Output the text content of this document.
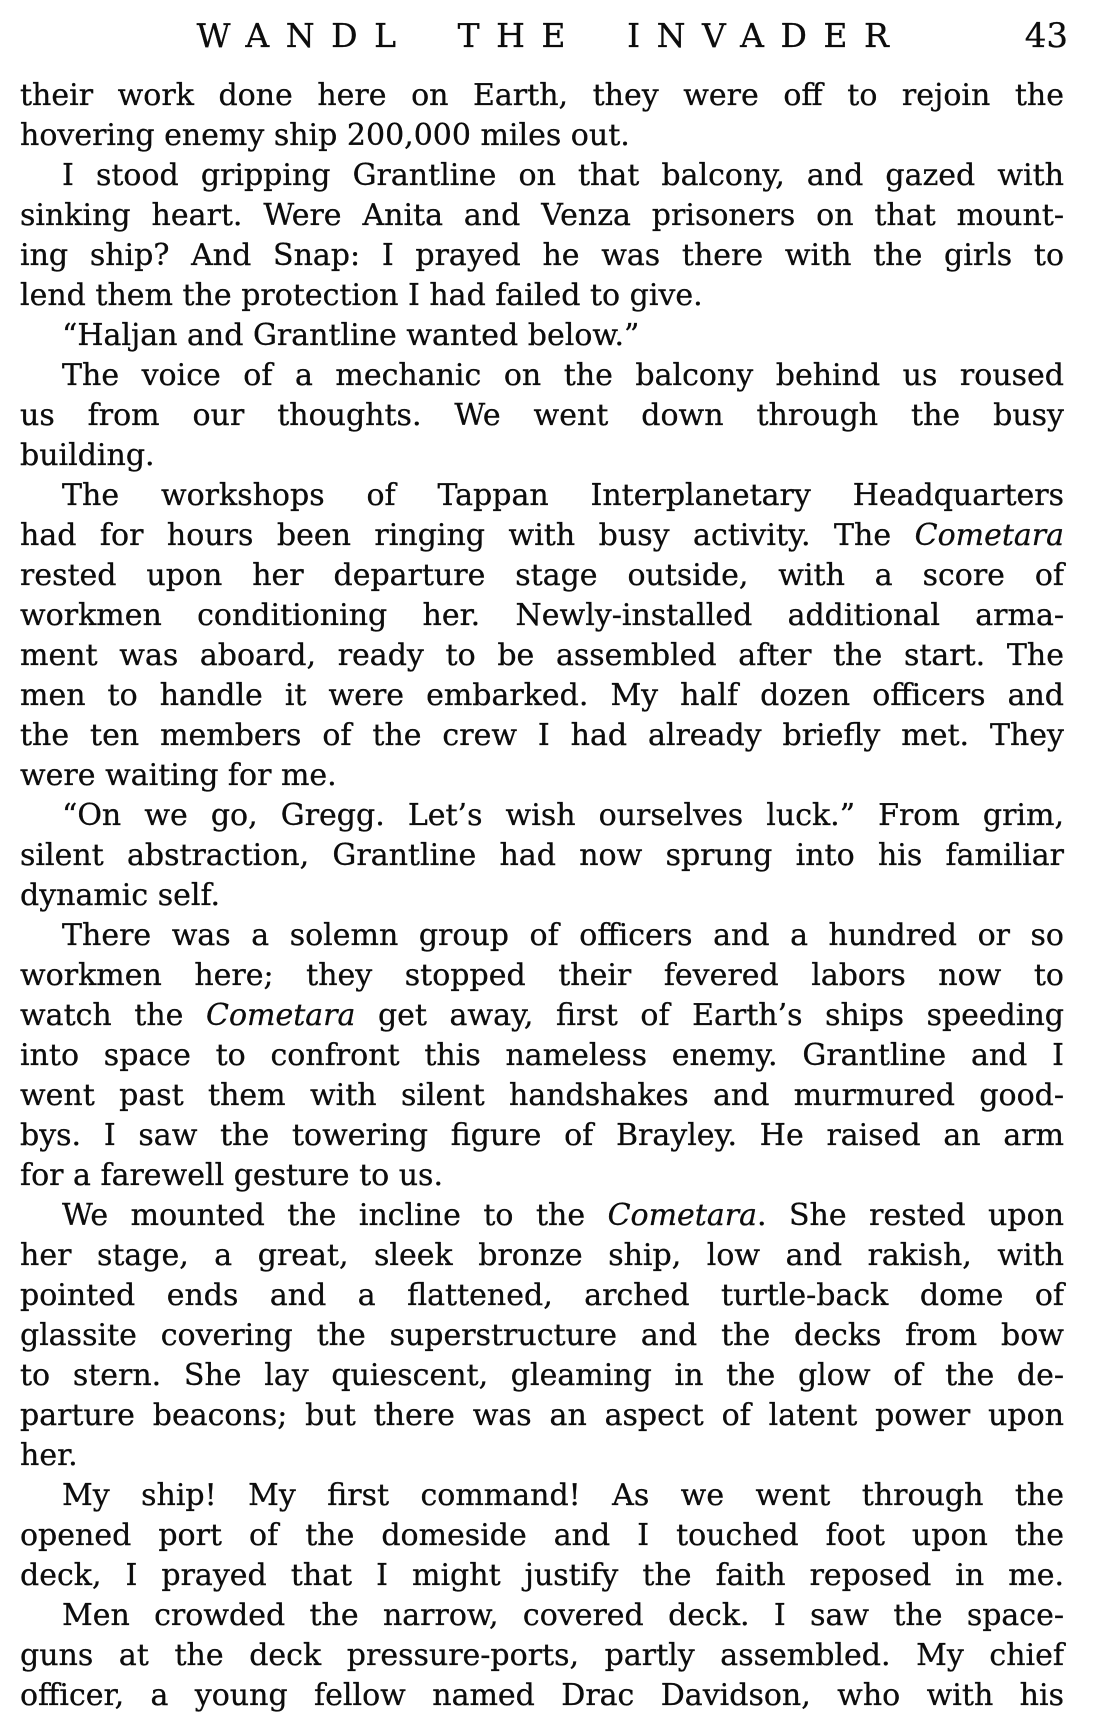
WANDL THE INVADER	43
their work done here on Earth, they were off to rejoin the
hovering enemy ship 200,000 miles out.
I stood gripping Grantline on that balcony, and gazed with
sinking heart. Were Anita and Venza prisoners on that mount-
ing ship? And Snap: I prayed he was there with the girls to
lend them the protection I had failed to give.
“Haljan and Grantline wanted below.”
The voice of a mechanic on the balcony behind us roused
us from our thoughts. We went down through the busy
building.
The workshops of Tappan Interplanetary Headquarters
had for hours been ringing with busy activity. The Cometara
rested upon her departure stage outside, with a score of
workmen conditioning her. Newly-installed additional arma-
ment was aboard, ready to be assembled after the start. The
men to handle it were embarked. My half dozen officers and
the ten members of the crew I had already briefly met. They
were waiting for me.
“On we go, Gregg. Let’s wish ourselves luck.” From grim,
silent abstraction, Grantline had now sprung into his familiar
dynamic self.
There was a solemn group of officers and a hundred or so
workmen here; they stopped their fevered labors now to
watch the Cometara get away, first of Earth’s ships speeding
into space to confront this nameless enemy. Grantline and I
went past them with silent handshakes and murmured good-
bys. I saw the towering figure of Brayley. He raised an arm
for a farewell gesture to us.
We mounted the incline to the Cometara. She rested upon
her stage, a great, sleek bronze ship, low and rakish, with
pointed ends and a flattened, arched turtle-back dome of
glassite covering the superstructure and the decks from bow
to stern. She lay quiescent, gleaming in the glow of the de-
parture beacons; but there was an aspect of latent power upon
her.
My ship! My first command! As we went through the
opened port of the domeside and I touched foot upon the
deck, I prayed that I might justify the faith reposed in me.
Men crowded the narrow, covered deck. I saw the space-
guns at the deck pressure-ports, partly assembled. My chief
officer, a young fellow named Drac Davidson, who with his
